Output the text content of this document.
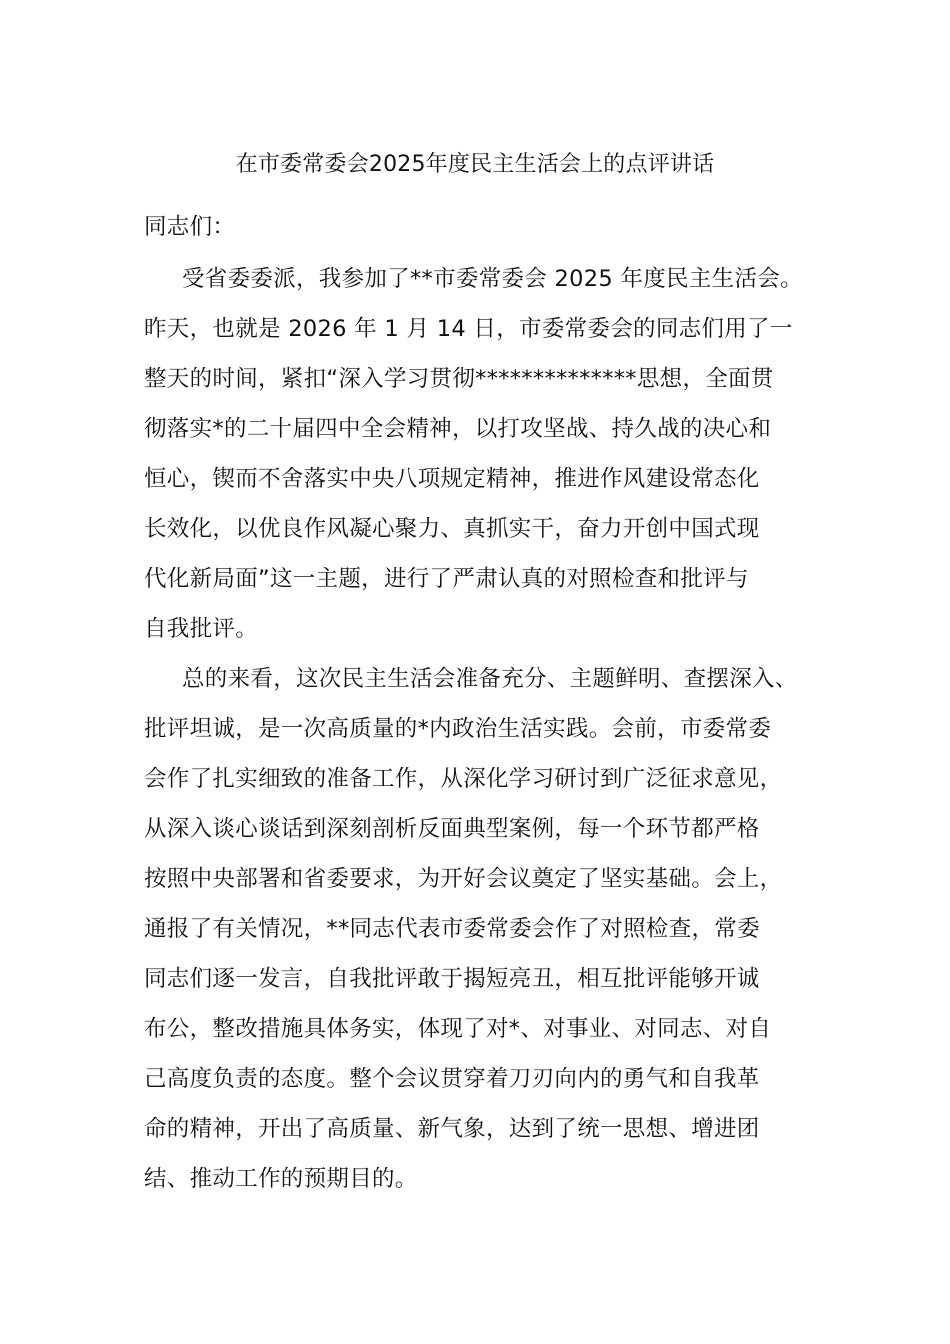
在市委常委会2025年度民主生活会上的点评讲话
同志们：
受省委委派，我参加了**市委常委会 2025 年度民主生活会。
昨天，也就是 2026 年 1 月 14 日，市委常委会的同志们用了一
整天的时间，紧扣“深入学习贯彻**************思想，全面贯
彻落实*的二十届四中全会精神，以打攻坚战、持久战的决心和
恒心，锲而不舍落实中央八项规定精神，推进作风建设常态化
长效化，以优良作风凝心聚力、真抓实干，奋力开创中国式现
代化新局面”这一主题，进行了严肃认真的对照检查和批评与
自我批评。
总的来看，这次民主生活会准备充分、主题鲜明、查摆深入、
批评坦诚，是一次高质量的*内政治生活实践。会前，市委常委
会作了扎实细致的准备工作，从深化学习研讨到广泛征求意见，
从深入谈心谈话到深刻剖析反面典型案例，每一个环节都严格
按照中央部署和省委要求，为开好会议奠定了坚实基础。会上，
通报了有关情况，**同志代表市委常委会作了对照检查，常委
同志们逐一发言，自我批评敢于揭短亮丑，相互批评能够开诚
布公，整改措施具体务实，体现了对*、对事业、对同志、对自
己高度负责的态度。整个会议贯穿着刀刃向内的勇气和自我革
命的精神，开出了高质量、新气象，达到了统一思想、增进团
结、推动工作的预期目的。
